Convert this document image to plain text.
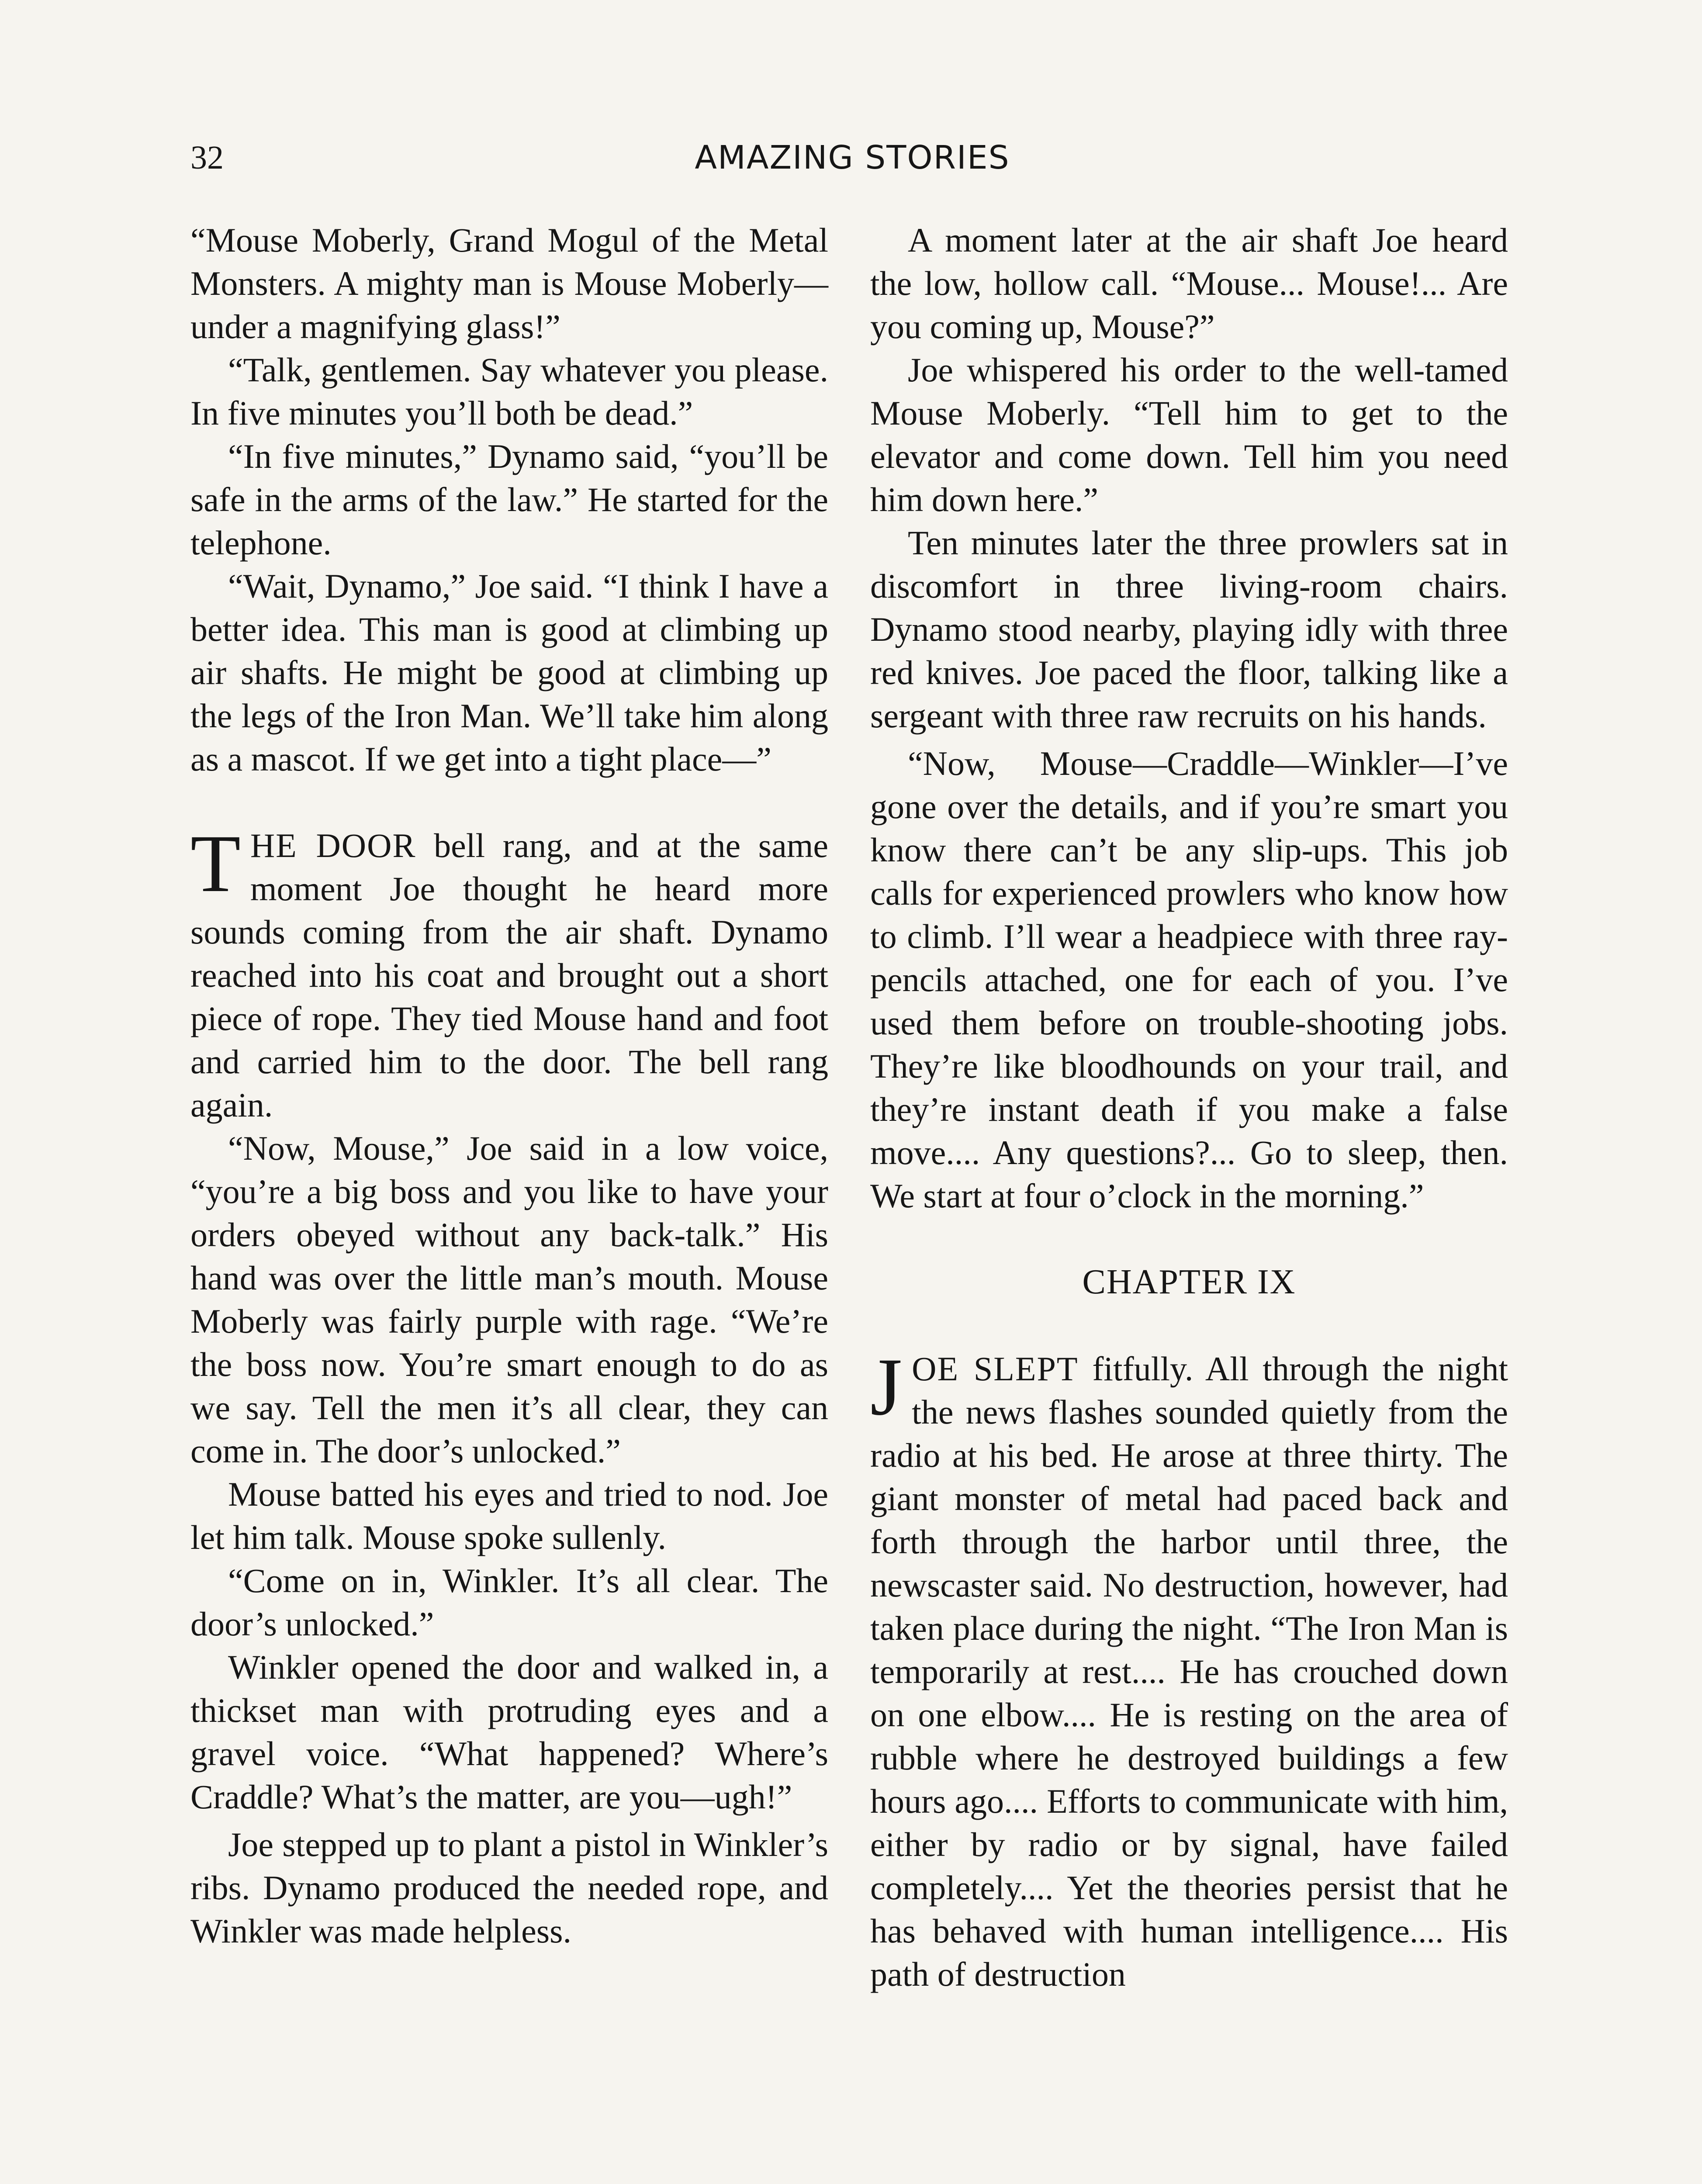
32	AMAZING STORIES

“Mouse Moberly, Grand Mogul of the Metal Monsters. A mighty man is Mouse Moberly—under a magnifying glass!”

“Talk, gentlemen. Say whatever you please. In five minutes you’ll both be dead.”

“In five minutes,” Dynamo said, “you’ll be safe in the arms of the law.” He started for the telephone.

“Wait, Dynamo,” Joe said. “I think I have a better idea. This man is good at climbing up air shafts. He might be good at climbing up the legs of the Iron Man. We’ll take him along as a mascot. If we get into a tight place—”

THE DOOR bell rang, and at the same moment Joe thought he heard more sounds coming from the air shaft. Dynamo reached into his coat and brought out a short piece of rope. They tied Mouse hand and foot and carried him to the door. The bell rang again.

“Now, Mouse,” Joe said in a low voice, “you’re a big boss and you like to have your orders obeyed without any back-talk.” His hand was over the little man’s mouth. Mouse Moberly was fairly purple with rage. “We’re the boss now. You’re smart enough to do as we say. Tell the men it’s all clear, they can come in. The door’s unlocked.”

Mouse batted his eyes and tried to nod. Joe let him talk. Mouse spoke sullenly.

“Come on in, Winkler. It’s all clear. The door’s unlocked.”

Winkler opened the door and walked in, a thickset man with protruding eyes and a gravel voice. “What happened? Where’s Craddle? What’s the matter, are you—ugh!”

Joe stepped up to plant a pistol in Winkler’s ribs. Dynamo produced the needed rope, and Winkler was made helpless.

A moment later at the air shaft Joe heard the low, hollow call. “Mouse... Mouse!... Are you coming up, Mouse?”

Joe whispered his order to the well-tamed Mouse Moberly. “Tell him to get to the elevator and come down. Tell him you need him down here.”

Ten minutes later the three prowlers sat in discomfort in three living-room chairs. Dynamo stood nearby, playing idly with three red knives. Joe paced the floor, talking like a sergeant with three raw recruits on his hands.

“Now, Mouse—Craddle—Winkler—I’ve gone over the details, and if you’re smart you know there can’t be any slip-ups. This job calls for experienced prowlers who know how to climb. I’ll wear a headpiece with three ray-pencils attached, one for each of you. I’ve used them before on trouble-shooting jobs. They’re like bloodhounds on your trail, and they’re instant death if you make a false move.... Any questions?... Go to sleep, then. We start at four o’clock in the morning.”

CHAPTER IX

JOE SLEPT fitfully. All through the night the news flashes sounded quietly from the radio at his bed. He arose at three thirty. The giant monster of metal had paced back and forth through the harbor until three, the newscaster said. No destruction, however, had taken place during the night. “The Iron Man is temporarily at rest.... He has crouched down on one elbow.... He is resting on the area of rubble where he destroyed buildings a few hours ago.... Efforts to communicate with him, either by radio or by signal, have failed completely.... Yet the theories persist that he has behaved with human intelligence.... His path of destruction
